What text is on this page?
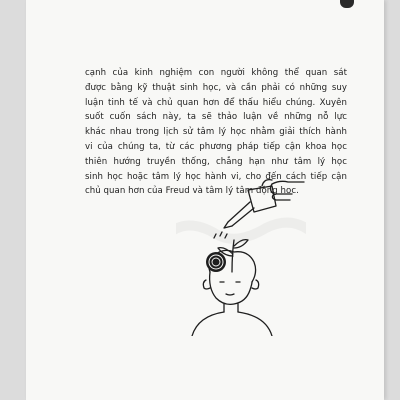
cạnh của kinh nghiệm con người không thể quan sát
được bằng kỹ thuật sinh học, và cần phải có những suy
luận tinh tế và chủ quan hơn để thấu hiểu chúng. Xuyên
suốt cuốn sách này, ta sẽ thảo luận về những nỗ lực
khác nhau trong lịch sử tâm lý học nhằm giải thích hành
vi của chúng ta, từ các phương pháp tiếp cận khoa học
thiên hướng truyền thống, chẳng hạn như tâm lý học
sinh học hoặc tâm lý học hành vi, cho đến cách tiếp cận
chủ quan hơn của Freud và tâm lý tâm động học.
